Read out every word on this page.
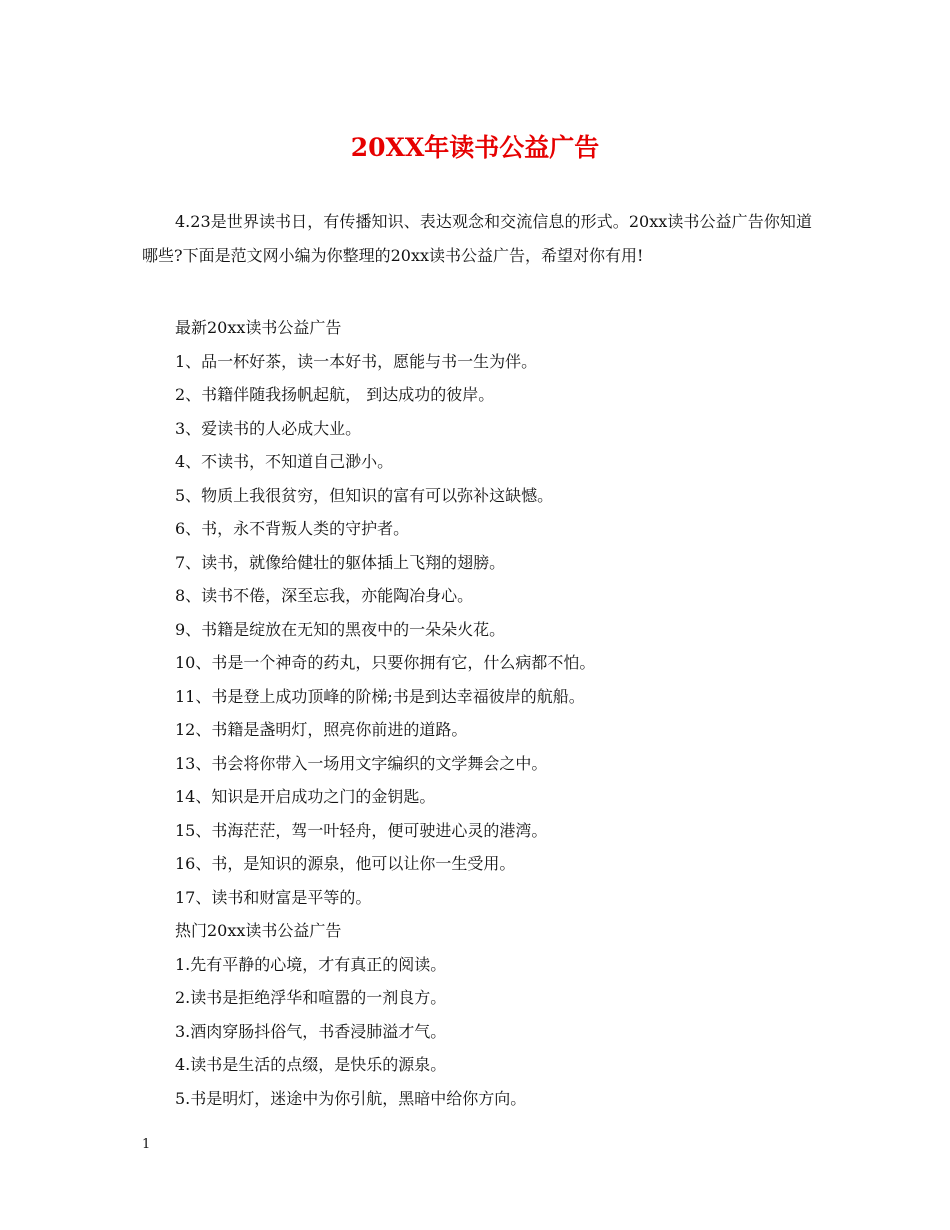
20XX年读书公益广告

4.23是世界读书日，有传播知识、表达观念和交流信息的形式。20xx读书公益广告你知道哪些?下面是范文网小编为你整理的20xx读书公益广告，希望对你有用!

最新20xx读书公益广告
1、品一杯好茶，读一本好书，愿能与书一生为伴。
2、书籍伴随我扬帆起航， 到达成功的彼岸。
3、爱读书的人必成大业。
4、不读书，不知道自己渺小。
5、物质上我很贫穷，但知识的富有可以弥补这缺憾。
6、书，永不背叛人类的守护者。
7、读书，就像给健壮的躯体插上飞翔的翅膀。
8、读书不倦，深至忘我，亦能陶冶身心。
9、书籍是绽放在无知的黑夜中的一朵朵火花。
10、书是一个神奇的药丸，只要你拥有它，什么病都不怕。
11、书是登上成功顶峰的阶梯;书是到达幸福彼岸的航船。
12、书籍是盏明灯，照亮你前进的道路。
13、书会将你带入一场用文字编织的文学舞会之中。
14、知识是开启成功之门的金钥匙。
15、书海茫茫，驾一叶轻舟，便可驶进心灵的港湾。
16、书，是知识的源泉，他可以让你一生受用。
17、读书和财富是平等的。
热门20xx读书公益广告
1.先有平静的心境，才有真正的阅读。
2.读书是拒绝浮华和喧嚣的一剂良方。
3.酒肉穿肠抖俗气，书香浸肺溢才气。
4.读书是生活的点缀，是快乐的源泉。
5.书是明灯，迷途中为你引航，黑暗中给你方向。
1
